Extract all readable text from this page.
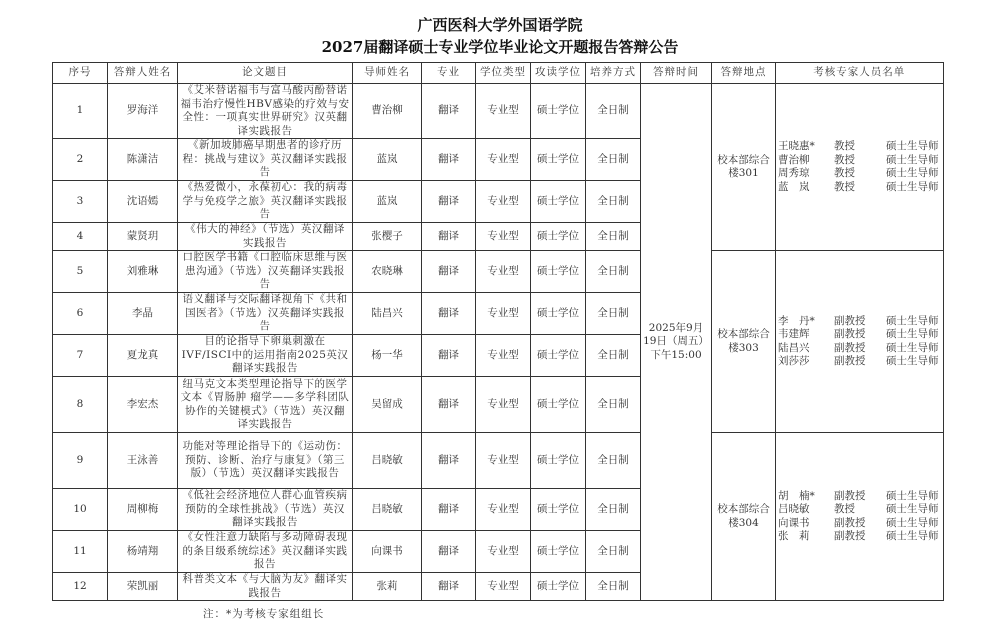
广西医科大学外国语学院
2027届翻译硕士专业学位毕业论文开题报告答辩公告
序号	答辩人姓名	论文题目	导师姓名	专业	学位类型	攻读学位	培养方式	答辩时间	答辩地点	考核专家人员名单
1	罗海洋	《艾米替诺福韦与富马酸丙酚替诺福韦治疗慢性HBV感染的疗效与安全性：一项真实世界研究》汉英翻译实践报告	曹治柳	翻译	专业型	硕士学位	全日制	2025年9月19日（周五）下午15:00	校本部综合楼301	
王晓惠*	教授	硕士生导师
曹治柳	教授	硕士生导师
周秀琼	教授	硕士生导师
蓝　岚	教授	硕士生导师

2	陈潇洁	《新加坡肺癌早期患者的诊疗历程：挑战与建议》英汉翻译实践报告	蓝岚	翻译	专业型	硕士学位	全日制			
3	沈语嫣	《热爱微小，永葆初心：我的病毒学与免疫学之旅》英汉翻译实践报告	蓝岚	翻译	专业型	硕士学位	全日制			
4	蒙贤玥	《伟大的神经》（节选）英汉翻译实践报告	张樱子	翻译	专业型	硕士学位	全日制			
5	刘雅琳	口腔医学书籍《口腔临床思维与医患沟通》（节选）汉英翻译实践报告	农晓琳	翻译	专业型	硕士学位	全日制	校本部综合楼303	
李　丹*	副教授	硕士生导师
韦建辉	副教授	硕士生导师
陆昌兴	副教授	硕士生导师
刘莎莎	副教授	硕士生导师

6	李晶	语义翻译与交际翻译视角下《共和国医者》（节选）汉英翻译实践报告	陆昌兴	翻译	专业型	硕士学位	全日制			
7	夏龙真	目的论指导下卵巢刺激在IVF/ISCI中的运用指南2025英汉翻译实践报告	杨一华	翻译	专业型	硕士学位	全日制			
8	李宏杰	纽马克文本类型理论指导下的医学文本《胃肠肿 瘤学——多学科团队协作的关键模式》（节选）英汉翻译实践报告	吴留成	翻译	专业型	硕士学位	全日制			
9	王泳善	功能对等理论指导下的《运动伤：预防、诊断、治疗与康复》（第三版）（节选）英汉翻译实践报告	吕晓敏	翻译	专业型	硕士学位	全日制	校本部综合楼304	
胡　楠*	副教授	硕士生导师
吕晓敏	教授	硕士生导师
向课书	副教授	硕士生导师
张　莉	副教授	硕士生导师

10	周柳梅	《低社会经济地位人群心血管疾病预防的全球性挑战》（节选）英汉翻译实践报告	吕晓敏	翻译	专业型	硕士学位	全日制			
11	杨靖翔	《女性注意力缺陷与多动障碍表现的条目级系统综述》英汉翻译实践报告	向课书	翻译	专业型	硕士学位	全日制			
12	荣凯丽	科普类文本《与大脑为友》翻译实践报告	张莉	翻译	专业型	硕士学位	全日制			
注：*为考核专家组组长
